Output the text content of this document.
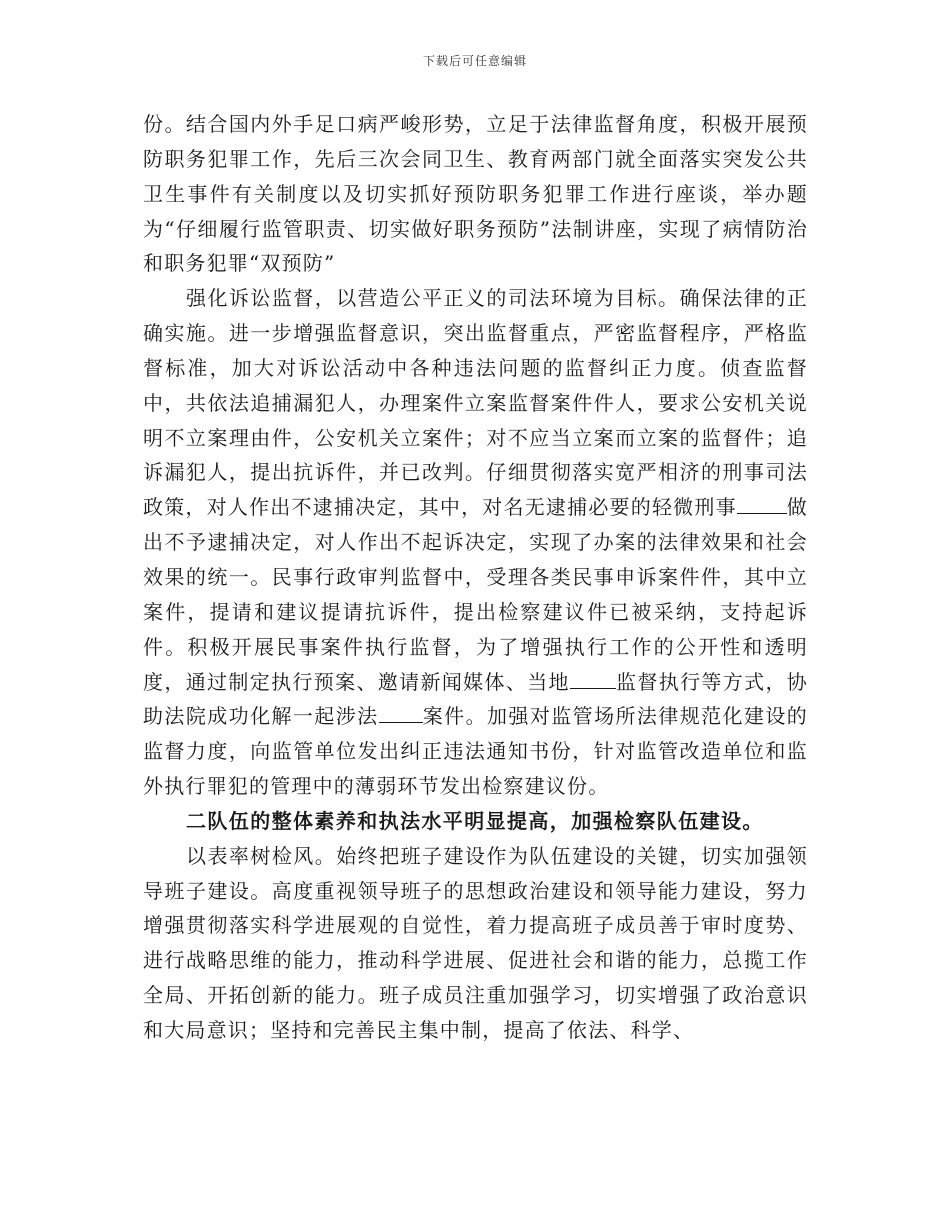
下载后可任意编辑

份。结合国内外手足口病严峻形势，立足于法律监督角度，积极开展预防职务犯罪工作，先后三次会同卫生、教育两部门就全面落实突发公共卫生事件有关制度以及切实抓好预防职务犯罪工作进行座谈，举办题为“仔细履行监管职责、切实做好职务预防”法制讲座，实现了病情防治和职务犯罪“双预防”

强化诉讼监督，以营造公平正义的司法环境为目标。确保法律的正确实施。进一步增强监督意识，突出监督重点，严密监督程序，严格监督标准，加大对诉讼活动中各种违法问题的监督纠正力度。侦查监督中，共依法追捕漏犯人，办理案件立案监督案件件人，要求公安机关说明不立案理由件，公安机关立案件；对不应当立案而立案的监督件；追诉漏犯人，提出抗诉件，并已改判。仔细贯彻落实宽严相济的刑事司法政策，对人作出不逮捕决定，其中，对名无逮捕必要的轻微刑事	做出不予逮捕决定，对人作出不起诉决定，实现了办案的法律效果和社会效果的统一。民事行政审判监督中，受理各类民事申诉案件件，其中立案件，提请和建议提请抗诉件，提出检察建议件已被采纳，支持起诉件。积极开展民事案件执行监督，为了增强执行工作的公开性和透明度，通过制定执行预案、邀请新闻媒体、当地 监督执行等方式，协助法院成功化解一起涉法 案件。加强对监管场所法律规范化建设的监督力度，向监管单位发出纠正违法通知书份，针对监管改造单位和监外执行罪犯的管理中的薄弱环节发出检察建议份。

二队伍的整体素养和执法水平明显提高，加强检察队伍建设。

以表率树检风。始终把班子建设作为队伍建设的关键，切实加强领导班子建设。高度重视领导班子的思想政治建设和领导能力建设，努力增强贯彻落实科学进展观的自觉性，着力提高班子成员善于审时度势、进行战略思维的能力，推动科学进展、促进社会和谐的能力，总揽工作全局、开拓创新的能力。班子成员注重加强学习，切实增强了政治意识和大局意识；坚持和完善民主集中制，提高了依法、科学、
